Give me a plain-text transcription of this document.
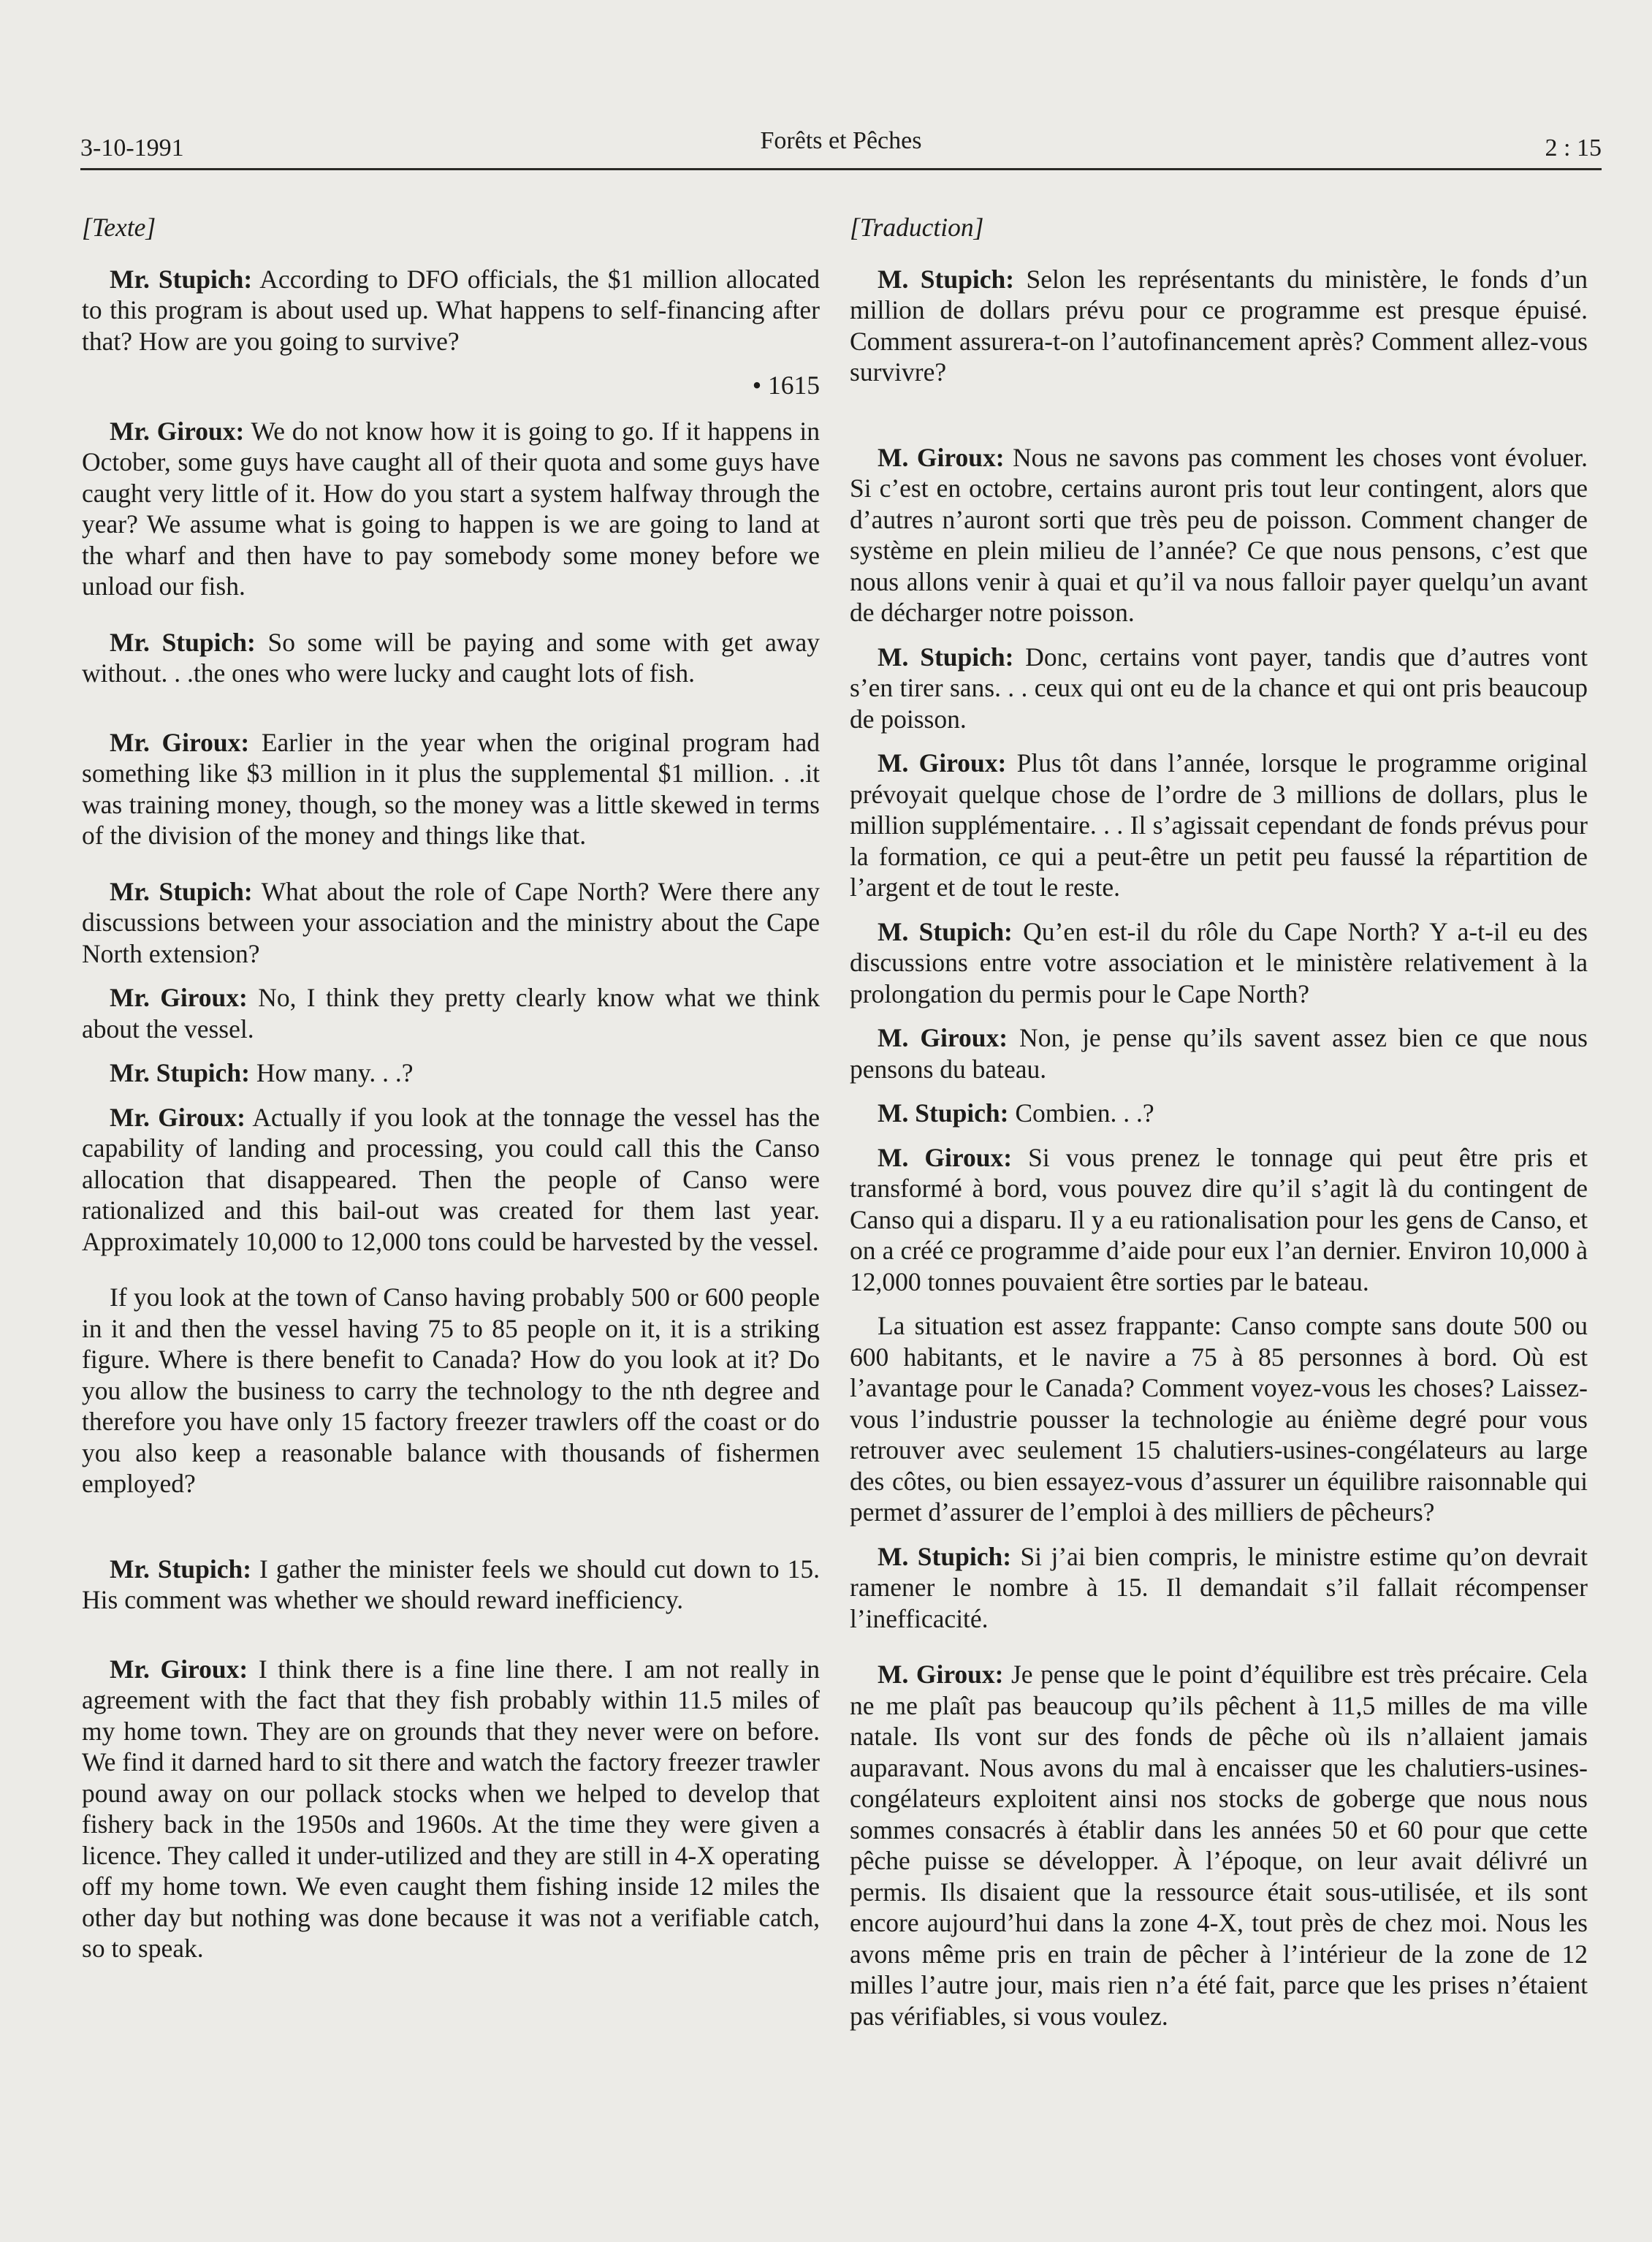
3-10-1991	Forêts et Pêches	2 : 15

[Texte]

Mr. Stupich: According to DFO officials, the $1 million allocated to this program is about used up. What happens to self-financing after that? How are you going to survive?

• 1615

Mr. Giroux: We do not know how it is going to go. If it happens in October, some guys have caught all of their quota and some guys have caught very little of it. How do you start a system halfway through the year? We assume what is going to happen is we are going to land at the wharf and then have to pay somebody some money before we unload our fish.

Mr. Stupich: So some will be paying and some with get away without. . .the ones who were lucky and caught lots of fish.

Mr. Giroux: Earlier in the year when the original program had something like $3 million in it plus the supplemental $1 million. . .it was training money, though, so the money was a little skewed in terms of the division of the money and things like that.

Mr. Stupich: What about the role of Cape North? Were there any discussions between your association and the ministry about the Cape North extension?

Mr. Giroux: No, I think they pretty clearly know what we think about the vessel.

Mr. Stupich: How many. . .?

Mr. Giroux: Actually if you look at the tonnage the vessel has the capability of landing and processing, you could call this the Canso allocation that disappeared. Then the people of Canso were rationalized and this bail-out was created for them last year. Approximately 10,000 to 12,000 tons could be harvested by the vessel.

If you look at the town of Canso having probably 500 or 600 people in it and then the vessel having 75 to 85 people on it, it is a striking figure. Where is there benefit to Canada? How do you look at it? Do you allow the business to carry the technology to the nth degree and therefore you have only 15 factory freezer trawlers off the coast or do you also keep a reasonable balance with thousands of fishermen employed?

Mr. Stupich: I gather the minister feels we should cut down to 15. His comment was whether we should reward inefficiency.

Mr. Giroux: I think there is a fine line there. I am not really in agreement with the fact that they fish probably within 11.5 miles of my home town. They are on grounds that they never were on before. We find it darned hard to sit there and watch the factory freezer trawler pound away on our pollack stocks when we helped to develop that fishery back in the 1950s and 1960s. At the time they were given a licence. They called it under-utilized and they are still in 4-X operating off my home town. We even caught them fishing inside 12 miles the other day but nothing was done because it was not a verifiable catch, so to speak.

[Traduction]

M. Stupich: Selon les représentants du ministère, le fonds d’un million de dollars prévu pour ce programme est presque épuisé. Comment assurera-t-on l’autofinancement après? Comment allez-vous survivre?

M. Giroux: Nous ne savons pas comment les choses vont évoluer. Si c’est en octobre, certains auront pris tout leur contingent, alors que d’autres n’auront sorti que très peu de poisson. Comment changer de système en plein milieu de l’année? Ce que nous pensons, c’est que nous allons venir à quai et qu’il va nous falloir payer quelqu’un avant de décharger notre poisson.

M. Stupich: Donc, certains vont payer, tandis que d’autres vont s’en tirer sans. . . ceux qui ont eu de la chance et qui ont pris beaucoup de poisson.

M. Giroux: Plus tôt dans l’année, lorsque le programme original prévoyait quelque chose de l’ordre de 3 millions de dollars, plus le million supplémentaire. . . Il s’agissait cependant de fonds prévus pour la formation, ce qui a peut-être un petit peu faussé la répartition de l’argent et de tout le reste.

M. Stupich: Qu’en est-il du rôle du Cape North? Y a-t-il eu des discussions entre votre association et le ministère relativement à la prolongation du permis pour le Cape North?

M. Giroux: Non, je pense qu’ils savent assez bien ce que nous pensons du bateau.

M. Stupich: Combien. . .?

M. Giroux: Si vous prenez le tonnage qui peut être pris et transformé à bord, vous pouvez dire qu’il s’agit là du contingent de Canso qui a disparu. Il y a eu rationalisation pour les gens de Canso, et on a créé ce programme d’aide pour eux l’an dernier. Environ 10,000 à 12,000 tonnes pouvaient être sorties par le bateau.

La situation est assez frappante: Canso compte sans doute 500 ou 600 habitants, et le navire a 75 à 85 personnes à bord. Où est l’avantage pour le Canada? Comment voyez-vous les choses? Laissez-vous l’industrie pousser la technologie au énième degré pour vous retrouver avec seulement 15 chalutiers-usines-congélateurs au large des côtes, ou bien essayez-vous d’assurer un équilibre raisonnable qui permet d’assurer de l’emploi à des milliers de pêcheurs?

M. Stupich: Si j’ai bien compris, le ministre estime qu’on devrait ramener le nombre à 15. Il demandait s’il fallait récompenser l’inefficacité.

M. Giroux: Je pense que le point d’équilibre est très précaire. Cela ne me plaît pas beaucoup qu’ils pêchent à 11,5 milles de ma ville natale. Ils vont sur des fonds de pêche où ils n’allaient jamais auparavant. Nous avons du mal à encaisser que les chalutiers-usines-congélateurs exploitent ainsi nos stocks de goberge que nous nous sommes consacrés à établir dans les années 50 et 60 pour que cette pêche puisse se développer. À l’époque, on leur avait délivré un permis. Ils disaient que la ressource était sous-utilisée, et ils sont encore aujourd’hui dans la zone 4-X, tout près de chez moi. Nous les avons même pris en train de pêcher à l’intérieur de la zone de 12 milles l’autre jour, mais rien n’a été fait, parce que les prises n’étaient pas vérifiables, si vous voulez.
